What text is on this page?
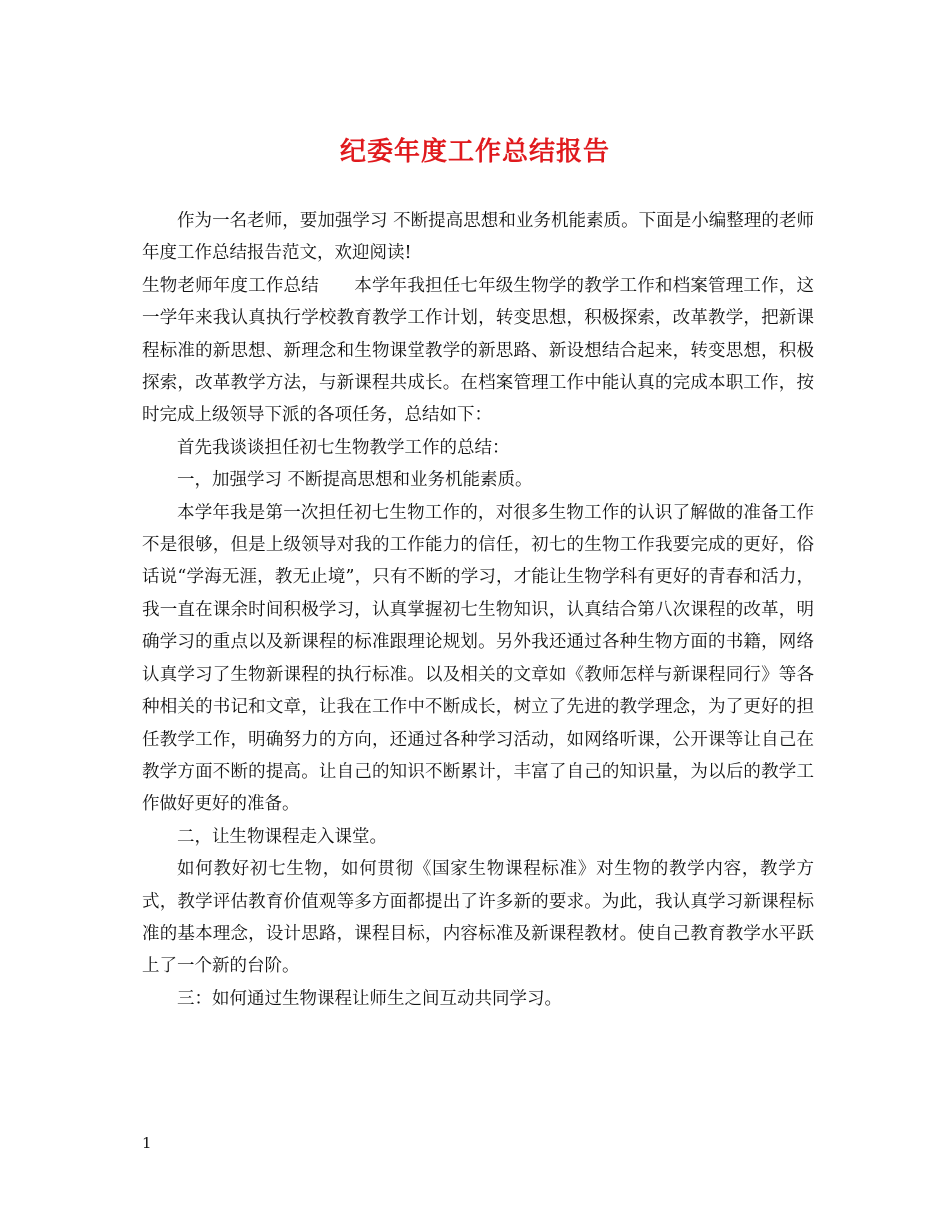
纪委年度工作总结报告

作为一名老师，要加强学习 不断提高思想和业务机能素质。下面是小编整理的老师年度工作总结报告范文，欢迎阅读!

生物老师年度工作总结　　本学年我担任七年级生物学的教学工作和档案管理工作，这一学年来我认真执行学校教育教学工作计划，转变思想，积极探索，改革教学，把新课程标准的新思想、新理念和生物课堂教学的新思路、新设想结合起来，转变思想，积极探索，改革教学方法，与新课程共成长。在档案管理工作中能认真的完成本职工作，按时完成上级领导下派的各项任务，总结如下：

首先我谈谈担任初七生物教学工作的总结：

一，加强学习 不断提高思想和业务机能素质。

本学年我是第一次担任初七生物工作的，对很多生物工作的认识了解做的准备工作不是很够，但是上级领导对我的工作能力的信任，初七的生物工作我要完成的更好，俗话说“学海无涯，教无止境”，只有不断的学习，才能让生物学科有更好的青春和活力，我一直在课余时间积极学习，认真掌握初七生物知识，认真结合第八次课程的改革，明确学习的重点以及新课程的标准跟理论规划。另外我还通过各种生物方面的书籍，网络认真学习了生物新课程的执行标准。以及相关的文章如《教师怎样与新课程同行》等各种相关的书记和文章，让我在工作中不断成长，树立了先进的教学理念，为了更好的担任教学工作，明确努力的方向，还通过各种学习活动，如网络听课，公开课等让自己在教学方面不断的提高。让自己的知识不断累计，丰富了自己的知识量，为以后的教学工作做好更好的准备。

二，让生物课程走入课堂。

如何教好初七生物，如何贯彻《国家生物课程标准》对生物的教学内容，教学方式，教学评估教育价值观等多方面都提出了许多新的要求。为此，我认真学习新课程标准的基本理念，设计思路，课程目标，内容标准及新课程教材。使自己教育教学水平跃上了一个新的台阶。

三：如何通过生物课程让师生之间互动共同学习。

1
